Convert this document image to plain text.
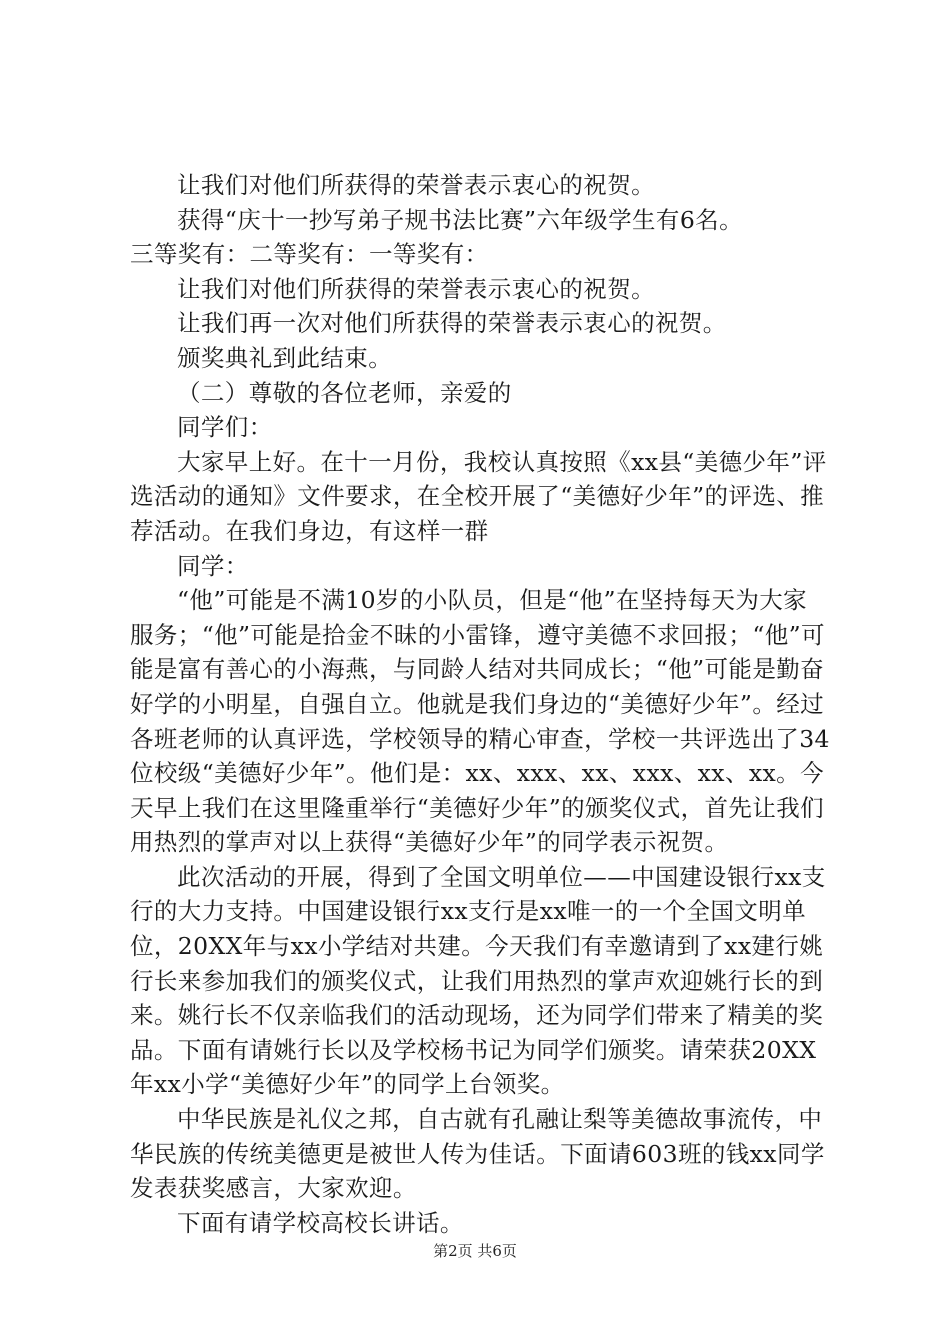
让我们对他们所获得的荣誉表示衷心的祝贺。

获得“庆十一抄写弟子规书法比赛”六年级学生有6名。

三等奖有：二等奖有：一等奖有：

让我们对他们所获得的荣誉表示衷心的祝贺。

让我们再一次对他们所获得的荣誉表示衷心的祝贺。

颁奖典礼到此结束。

（二）尊敬的各位老师，亲爱的

同学们：

大家早上好。在十一月份，我校认真按照《xx县“美德少年”评选活动的通知》文件要求，在全校开展了“美德好少年”的评选、推荐活动。在我们身边，有这样一群

同学：

“他”可能是不满10岁的小队员，但是“他”在坚持每天为大家服务；“他”可能是拾金不昧的小雷锋，遵守美德不求回报；“他”可能是富有善心的小海燕，与同龄人结对共同成长；“他”可能是勤奋好学的小明星，自强自立。他就是我们身边的“美德好少年”。经过各班老师的认真评选，学校领导的精心审查，学校一共评选出了34位校级“美德好少年”。他们是：xx、xxx、xx、xxx、xx、xx。今天早上我们在这里隆重举行“美德好少年”的颁奖仪式，首先让我们用热烈的掌声对以上获得“美德好少年”的同学表示祝贺。

此次活动的开展，得到了全国文明单位——中国建设银行xx支行的大力支持。中国建设银行xx支行是xx唯一的一个全国文明单位，20XX年与xx小学结对共建。今天我们有幸邀请到了xx建行姚行长来参加我们的颁奖仪式，让我们用热烈的掌声欢迎姚行长的到来。姚行长不仅亲临我们的活动现场，还为同学们带来了精美的奖品。下面有请姚行长以及学校杨书记为同学们颁奖。请荣获20XX年xx小学“美德好少年”的同学上台领奖。

中华民族是礼仪之邦，自古就有孔融让梨等美德故事流传，中华民族的传统美德更是被世人传为佳话。下面请603班的钱xx同学发表获奖感言，大家欢迎。

下面有请学校高校长讲话。

第2页 共6页
